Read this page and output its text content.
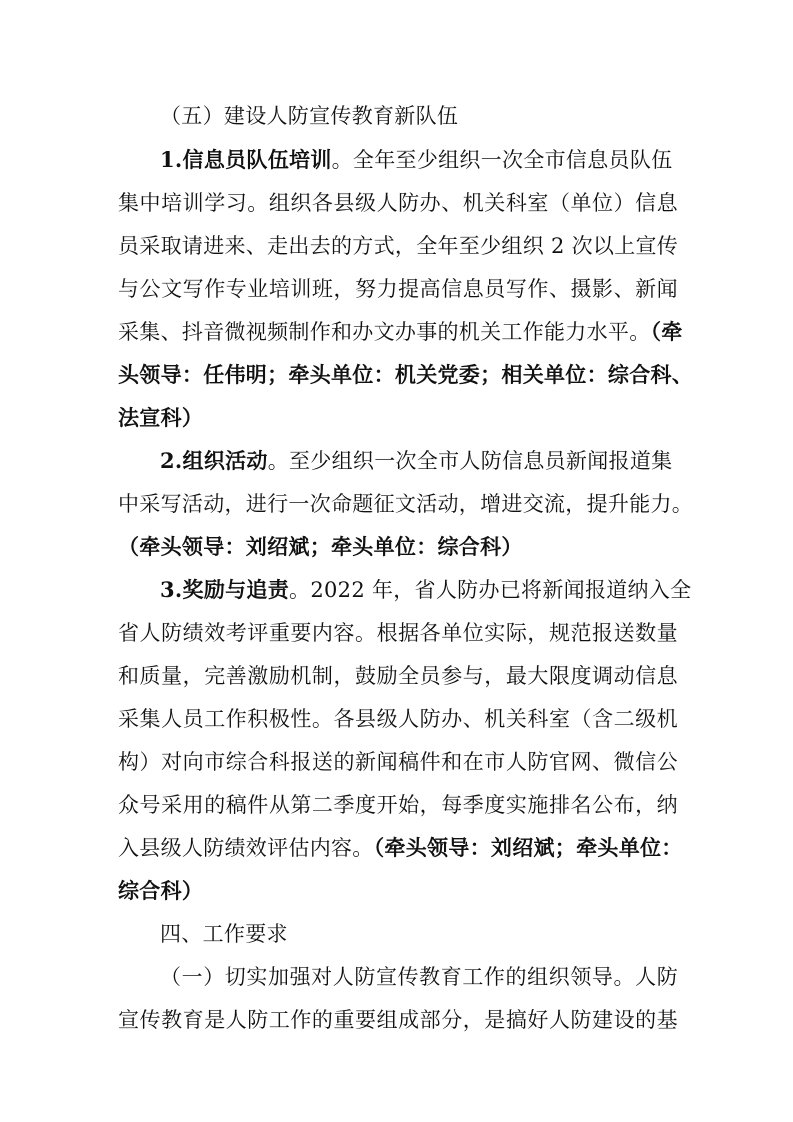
（五）建设人防宣传教育新队伍
1.信息员队伍培训。全年至少组织一次全市信息员队伍
集中培训学习。组织各县级人防办、机关科室（单位）信息
员采取请进来、走出去的方式，全年至少组织 2 次以上宣传
与公文写作专业培训班，努力提高信息员写作、摄影、新闻
采集、抖音微视频制作和办文办事的机关工作能力水平。（牵
头领导：任伟明；牵头单位：机关党委；相关单位：综合科、
法宣科）
2.组织活动。至少组织一次全市人防信息员新闻报道集
中采写活动，进行一次命题征文活动，增进交流，提升能力。
（牵头领导：刘绍斌；牵头单位：综合科）
3.奖励与追责。2022 年，省人防办已将新闻报道纳入全
省人防绩效考评重要内容。根据各单位实际，规范报送数量
和质量，完善激励机制，鼓励全员参与，最大限度调动信息
采集人员工作积极性。各县级人防办、机关科室（含二级机
构）对向市综合科报送的新闻稿件和在市人防官网、微信公
众号采用的稿件从第二季度开始，每季度实施排名公布，纳
入县级人防绩效评估内容。（牵头领导：刘绍斌；牵头单位：
综合科）
四、工作要求
（一）切实加强对人防宣传教育工作的组织领导。人防
宣传教育是人防工作的重要组成部分，是搞好人防建设的基
